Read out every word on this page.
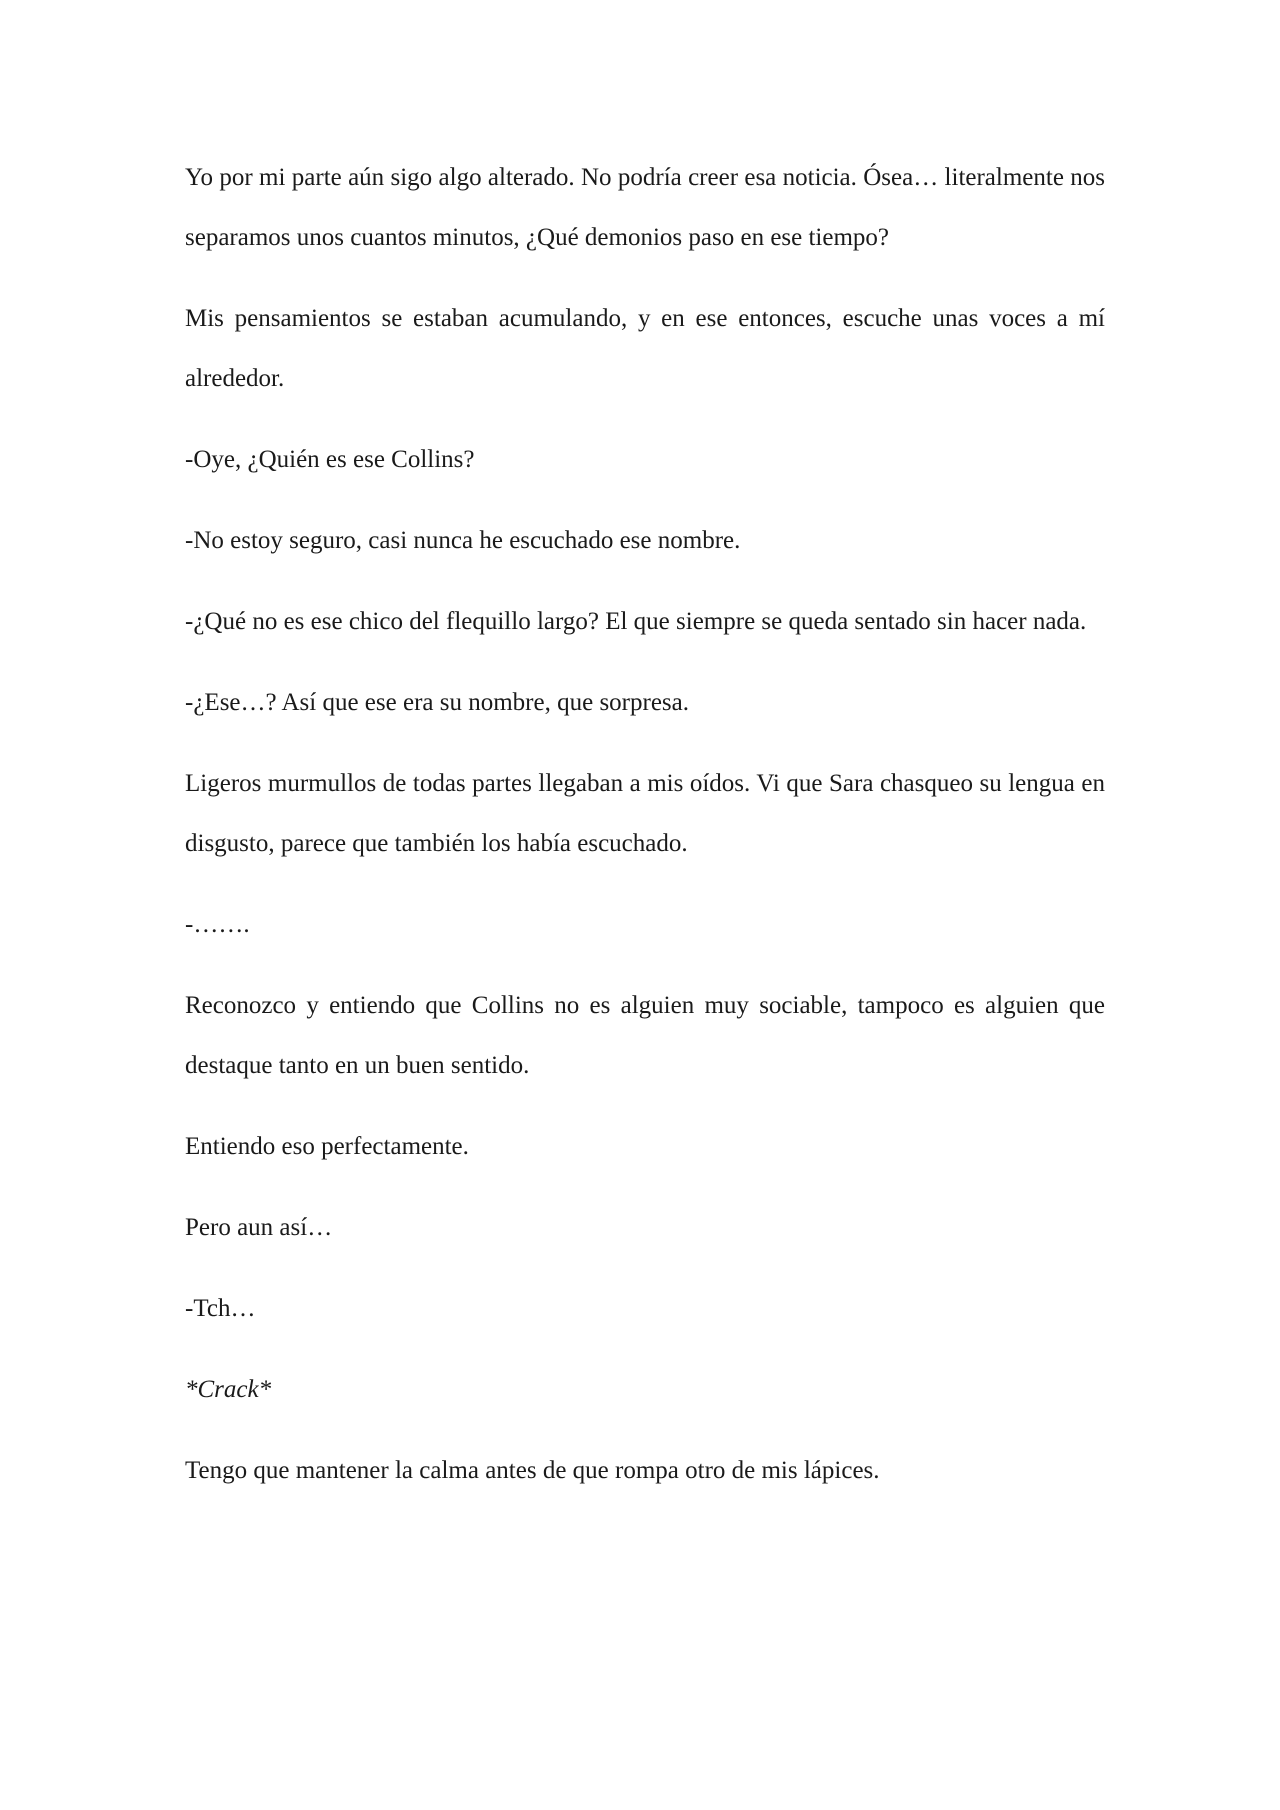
Yo por mi parte aún sigo algo alterado. No podría creer esa noticia. Ósea… literalmente nos separamos unos cuantos minutos, ¿Qué demonios paso en ese tiempo?

Mis pensamientos se estaban acumulando, y en ese entonces, escuche unas voces a mí alrededor.

-Oye, ¿Quién es ese Collins?

-No estoy seguro, casi nunca he escuchado ese nombre.

-¿Qué no es ese chico del flequillo largo? El que siempre se queda sentado sin hacer nada.

-¿Ese…? Así que ese era su nombre, que sorpresa.

Ligeros murmullos de todas partes llegaban a mis oídos. Vi que Sara chasqueo su lengua en disgusto, parece que también los había escuchado.

-…….

Reconozco y entiendo que Collins no es alguien muy sociable, tampoco es alguien que destaque tanto en un buen sentido.

Entiendo eso perfectamente.

Pero aun así…

-Tch…

*Crack*

Tengo que mantener la calma antes de que rompa otro de mis lápices.
